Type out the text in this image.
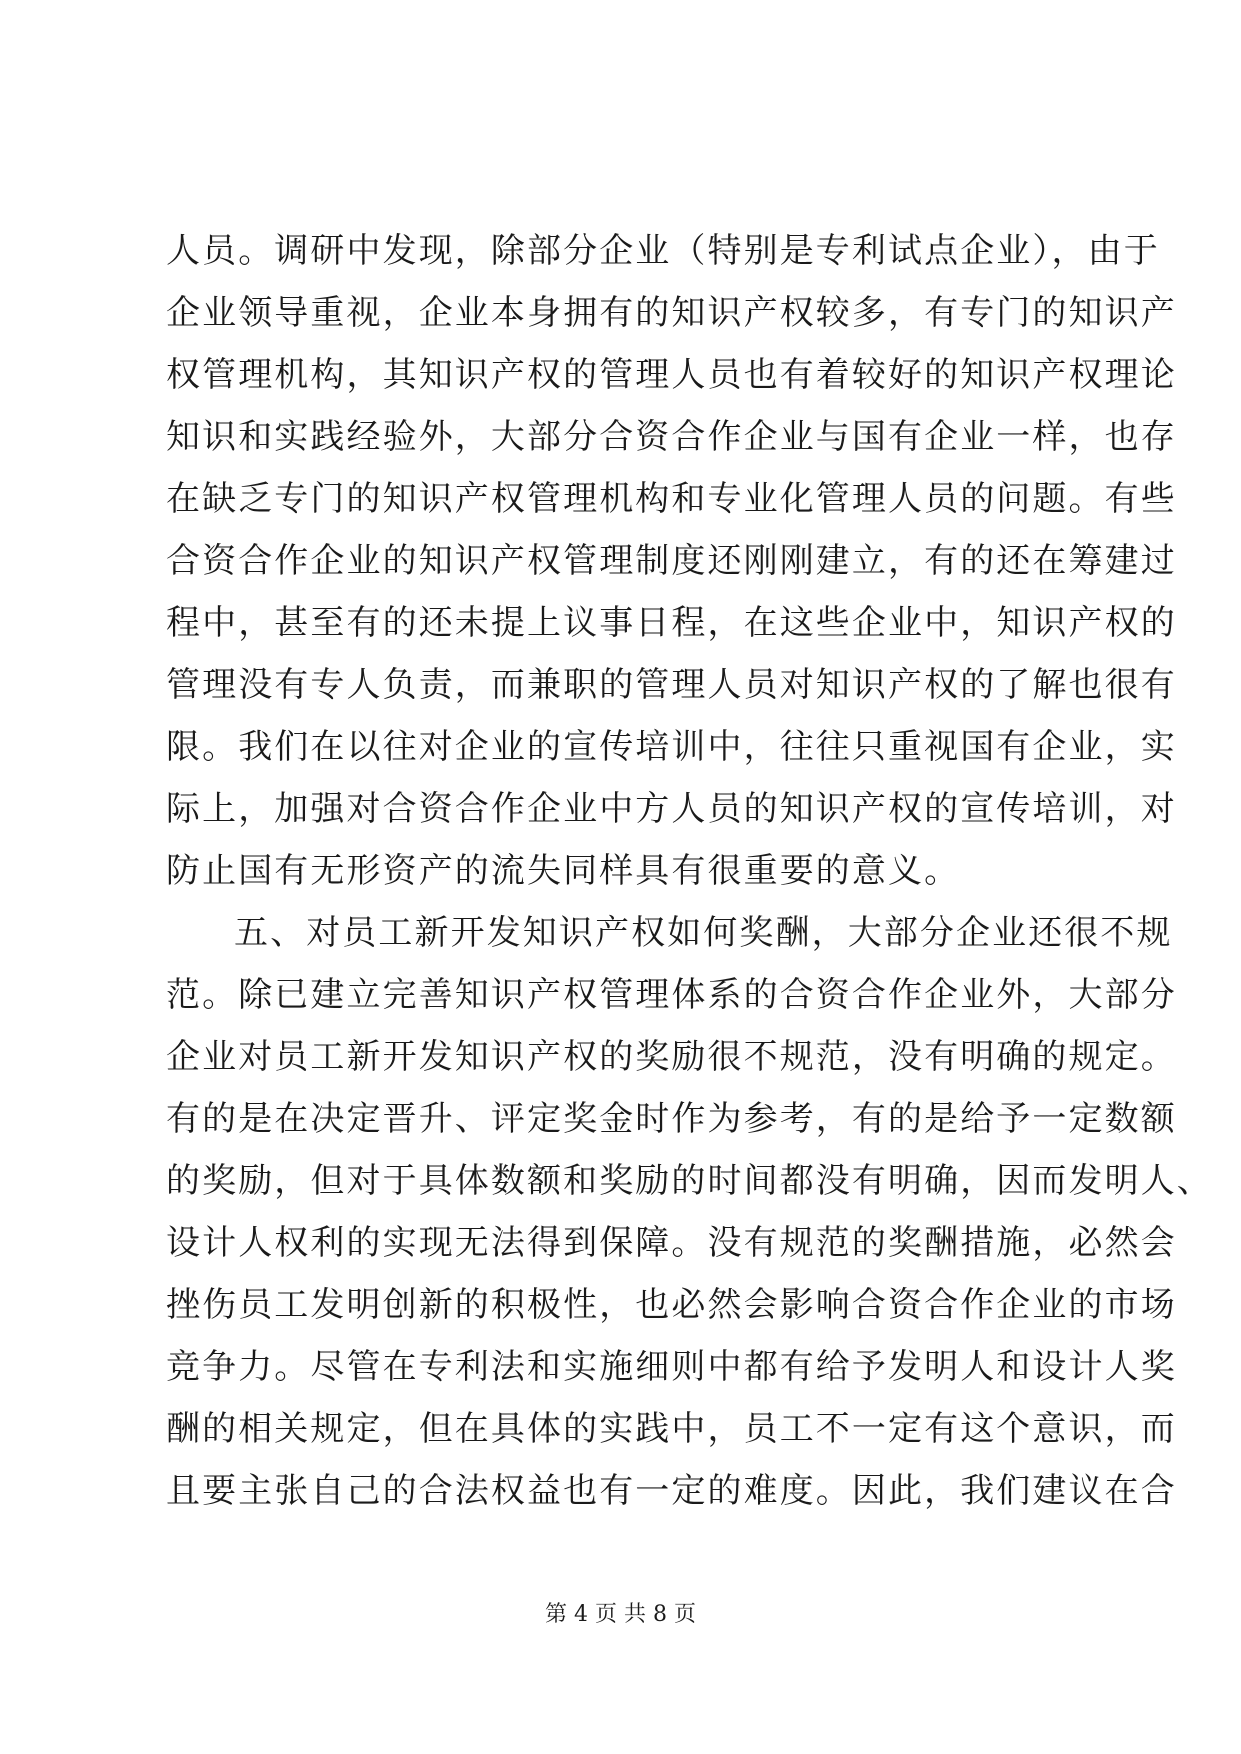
人员。调研中发现，除部分企业（特别是专利试点企业），由于
企业领导重视，企业本身拥有的知识产权较多，有专门的知识产
权管理机构，其知识产权的管理人员也有着较好的知识产权理论
知识和实践经验外，大部分合资合作企业与国有企业一样，也存
在缺乏专门的知识产权管理机构和专业化管理人员的问题。有些
合资合作企业的知识产权管理制度还刚刚建立，有的还在筹建过
程中，甚至有的还未提上议事日程，在这些企业中，知识产权的
管理没有专人负责，而兼职的管理人员对知识产权的了解也很有
限。我们在以往对企业的宣传培训中，往往只重视国有企业，实
际上，加强对合资合作企业中方人员的知识产权的宣传培训，对
防止国有无形资产的流失同样具有很重要的意义。
五、对员工新开发知识产权如何奖酬，大部分企业还很不规
范。除已建立完善知识产权管理体系的合资合作企业外，大部分
企业对员工新开发知识产权的奖励很不规范，没有明确的规定。
有的是在决定晋升、评定奖金时作为参考，有的是给予一定数额
的奖励，但对于具体数额和奖励的时间都没有明确，因而发明人、
设计人权利的实现无法得到保障。没有规范的奖酬措施，必然会
挫伤员工发明创新的积极性，也必然会影响合资合作企业的市场
竞争力。尽管在专利法和实施细则中都有给予发明人和设计人奖
酬的相关规定，但在具体的实践中，员工不一定有这个意识，而
且要主张自己的合法权益也有一定的难度。因此，我们建议在合
第 4 页 共 8 页
